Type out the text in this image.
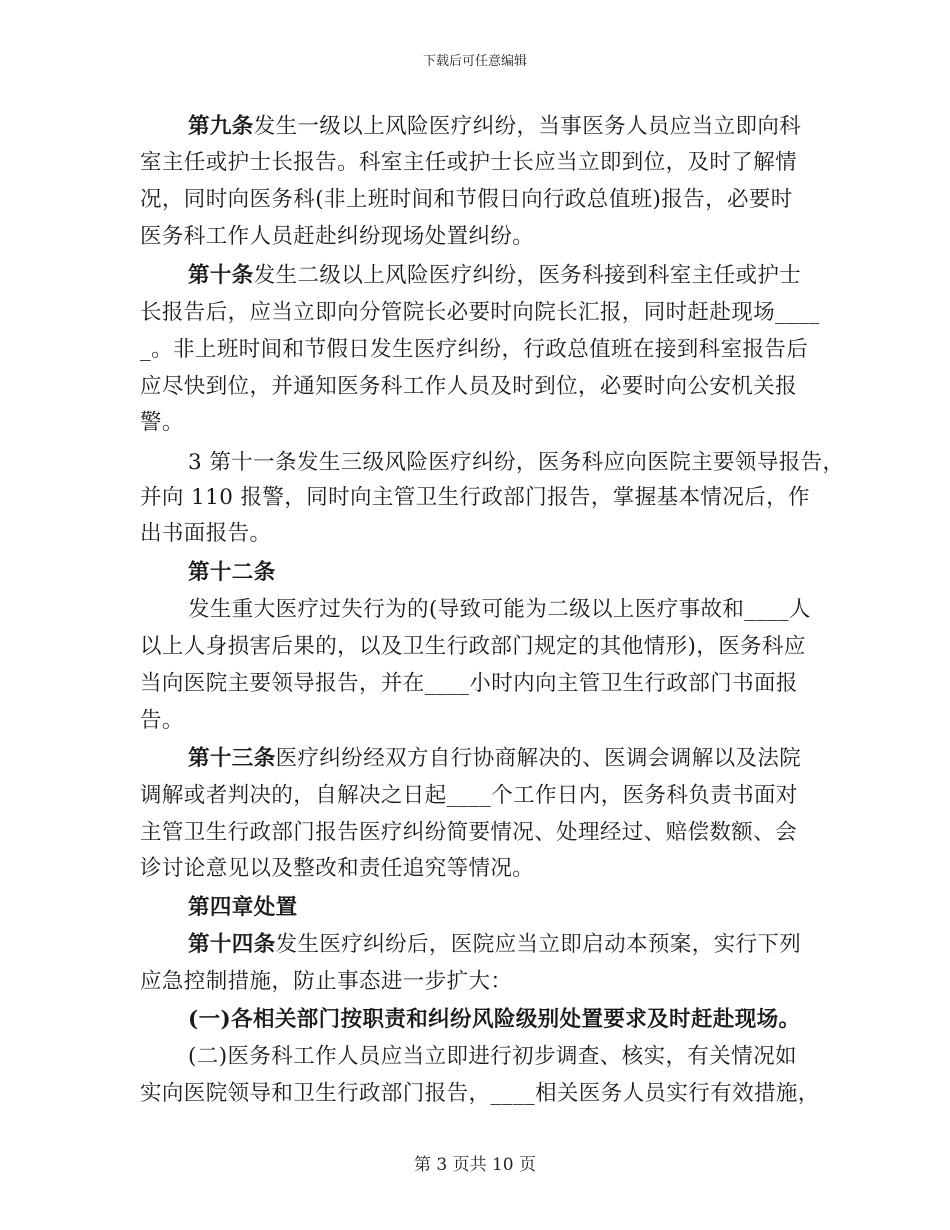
下载后可任意编辑
第九条发生一级以上风险医疗纠纷，当事医务人员应当立即向科
室主任或护士长报告。科室主任或护士长应当立即到位，及时了解情
况，同时向医务科(非上班时间和节假日向行政总值班)报告，必要时
医务科工作人员赶赴纠纷现场处置纠纷。
第十条发生二级以上风险医疗纠纷，医务科接到科室主任或护士
长报告后，应当立即向分管院长必要时向院长汇报，同时赶赴现场____
_。非上班时间和节假日发生医疗纠纷，行政总值班在接到科室报告后
应尽快到位，并通知医务科工作人员及时到位，必要时向公安机关报
警。
3 第十一条发生三级风险医疗纠纷，医务科应向医院主要领导报告，
并向 110 报警，同时向主管卫生行政部门报告，掌握基本情况后，作
出书面报告。
第十二条
发生重大医疗过失行为的(导致可能为二级以上医疗事故和____人
以上人身损害后果的，以及卫生行政部门规定的其他情形)，医务科应
当向医院主要领导报告，并在____小时内向主管卫生行政部门书面报
告。
第十三条医疗纠纷经双方自行协商解决的、医调会调解以及法院
调解或者判决的，自解决之日起____个工作日内，医务科负责书面对
主管卫生行政部门报告医疗纠纷简要情况、处理经过、赔偿数额、会
诊讨论意见以及整改和责任追究等情况。
第四章处置
第十四条发生医疗纠纷后，医院应当立即启动本预案，实行下列
应急控制措施，防止事态进一步扩大：
(一)各相关部门按职责和纠纷风险级别处置要求及时赶赴现场。
(二)医务科工作人员应当立即进行初步调查、核实，有关情况如
实向医院领导和卫生行政部门报告，____相关医务人员实行有效措施，
第 3 页共 10 页
